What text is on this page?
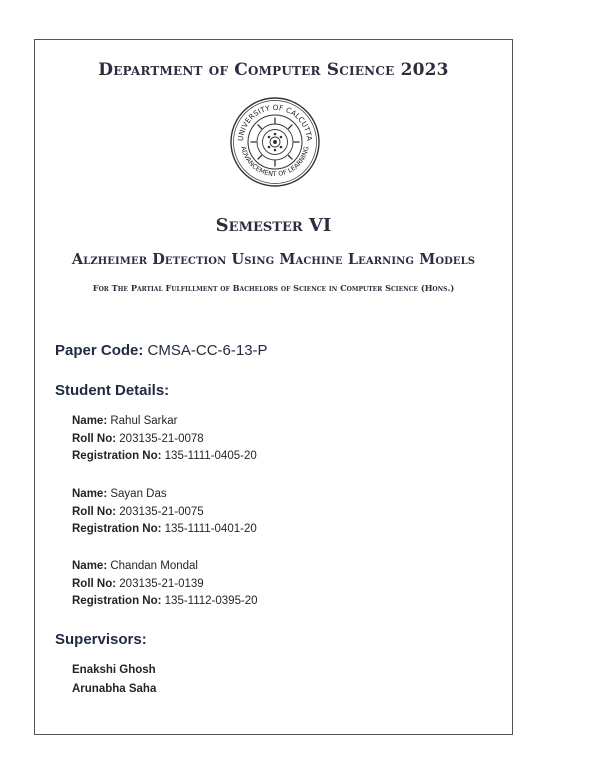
Department of Computer Science 2023
UNIVERSITY OF CALCUTTA
ADVANCEMENT OF LEARNING
Semester VI
Alzheimer Detection Using Machine Learning Models
For The Partial Fulfillment of Bachelors of Science in Computer Science (Hons.)
Paper Code: CMSA-CC-6-13-P
Student Details:
Name: Rahul Sarkar
Roll No: 203135-21-0078
Registration No: 135-1111-0405-20
Name: Sayan Das
Roll No: 203135-21-0075
Registration No: 135-1111-0401-20
Name: Chandan Mondal
Roll No: 203135-21-0139
Registration No: 135-1112-0395-20
Supervisors:
Enakshi Ghosh
Arunabha Saha
